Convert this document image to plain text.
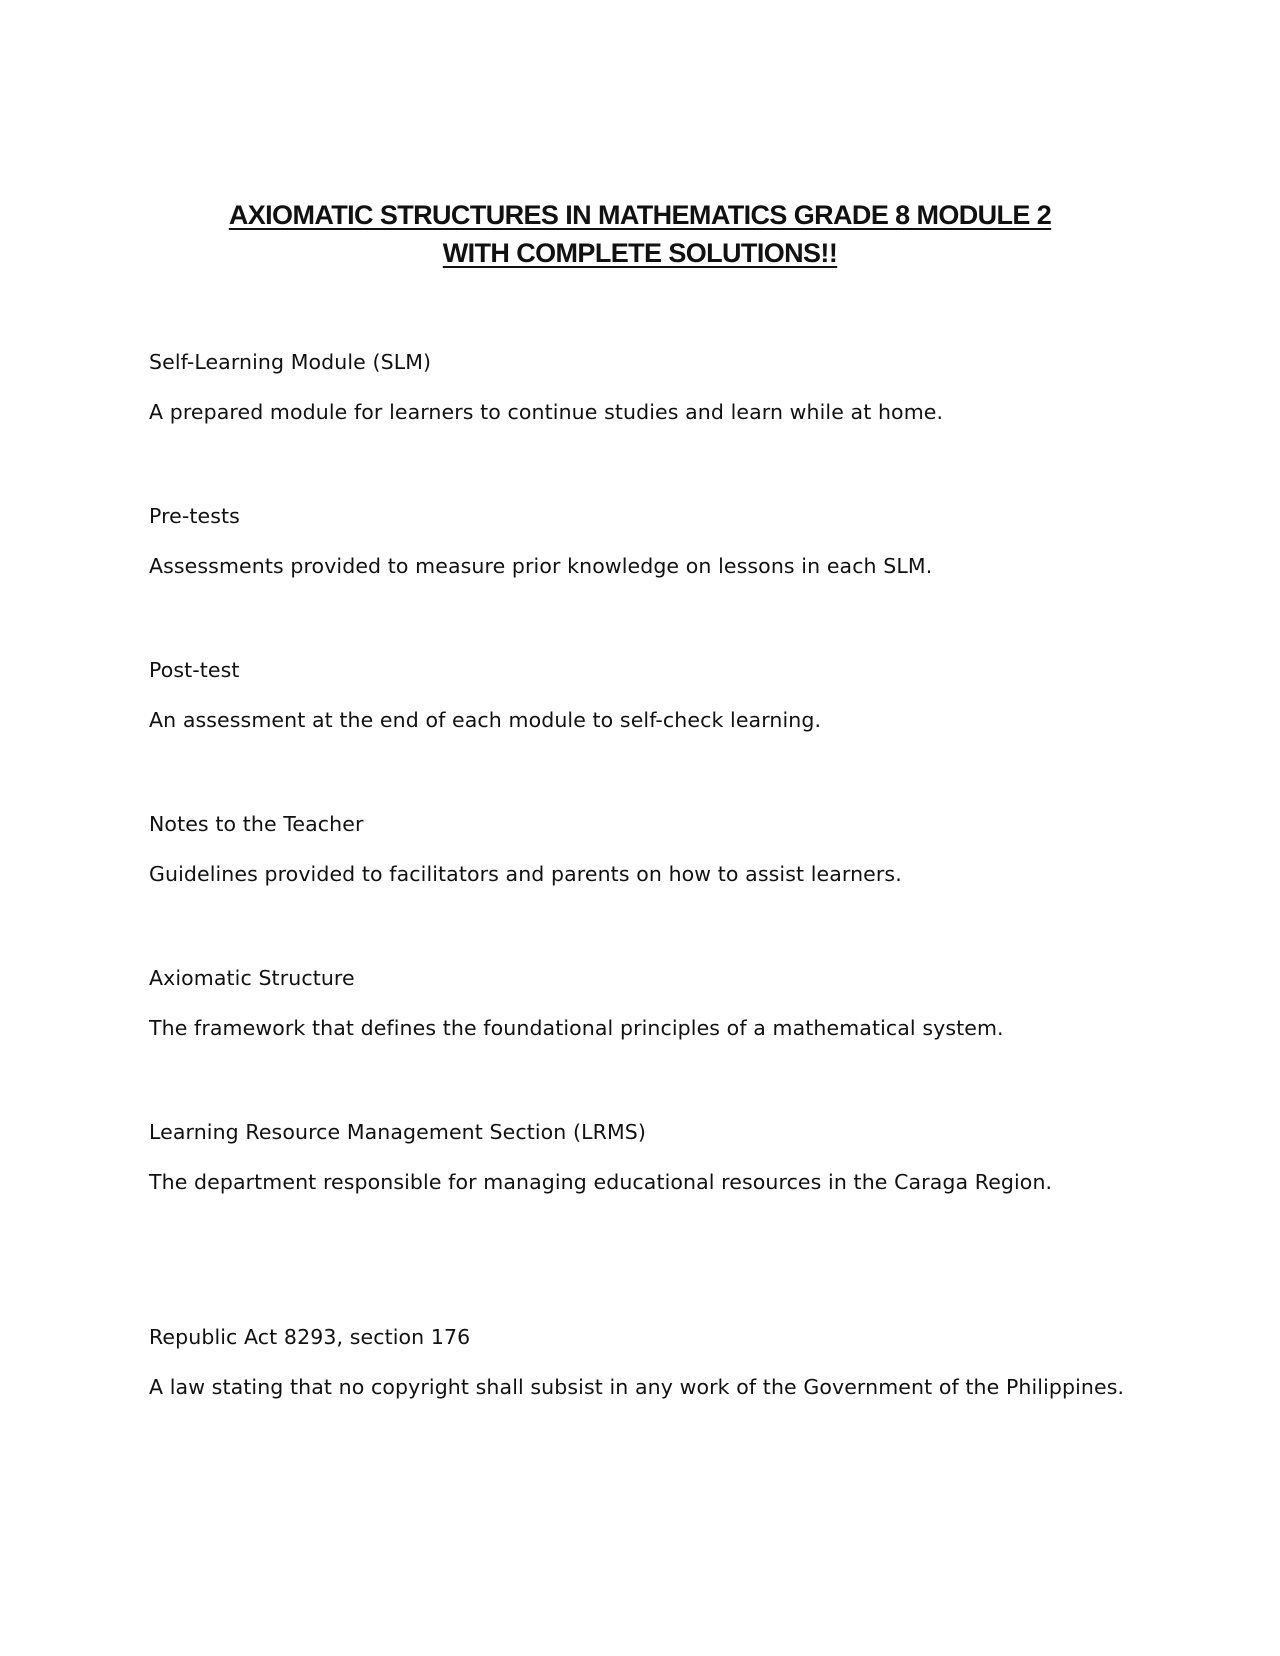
AXIOMATIC STRUCTURES IN MATHEMATICS GRADE 8 MODULE 2
WITH COMPLETE SOLUTIONS!!

Self-Learning Module (SLM)

A prepared module for learners to continue studies and learn while at home.

Pre-tests

Assessments provided to measure prior knowledge on lessons in each SLM.

Post-test

An assessment at the end of each module to self-check learning.

Notes to the Teacher

Guidelines provided to facilitators and parents on how to assist learners.

Axiomatic Structure

The framework that defines the foundational principles of a mathematical system.

Learning Resource Management Section (LRMS)

The department responsible for managing educational resources in the Caraga Region.

Republic Act 8293, section 176

A law stating that no copyright shall subsist in any work of the Government of the Philippines.
